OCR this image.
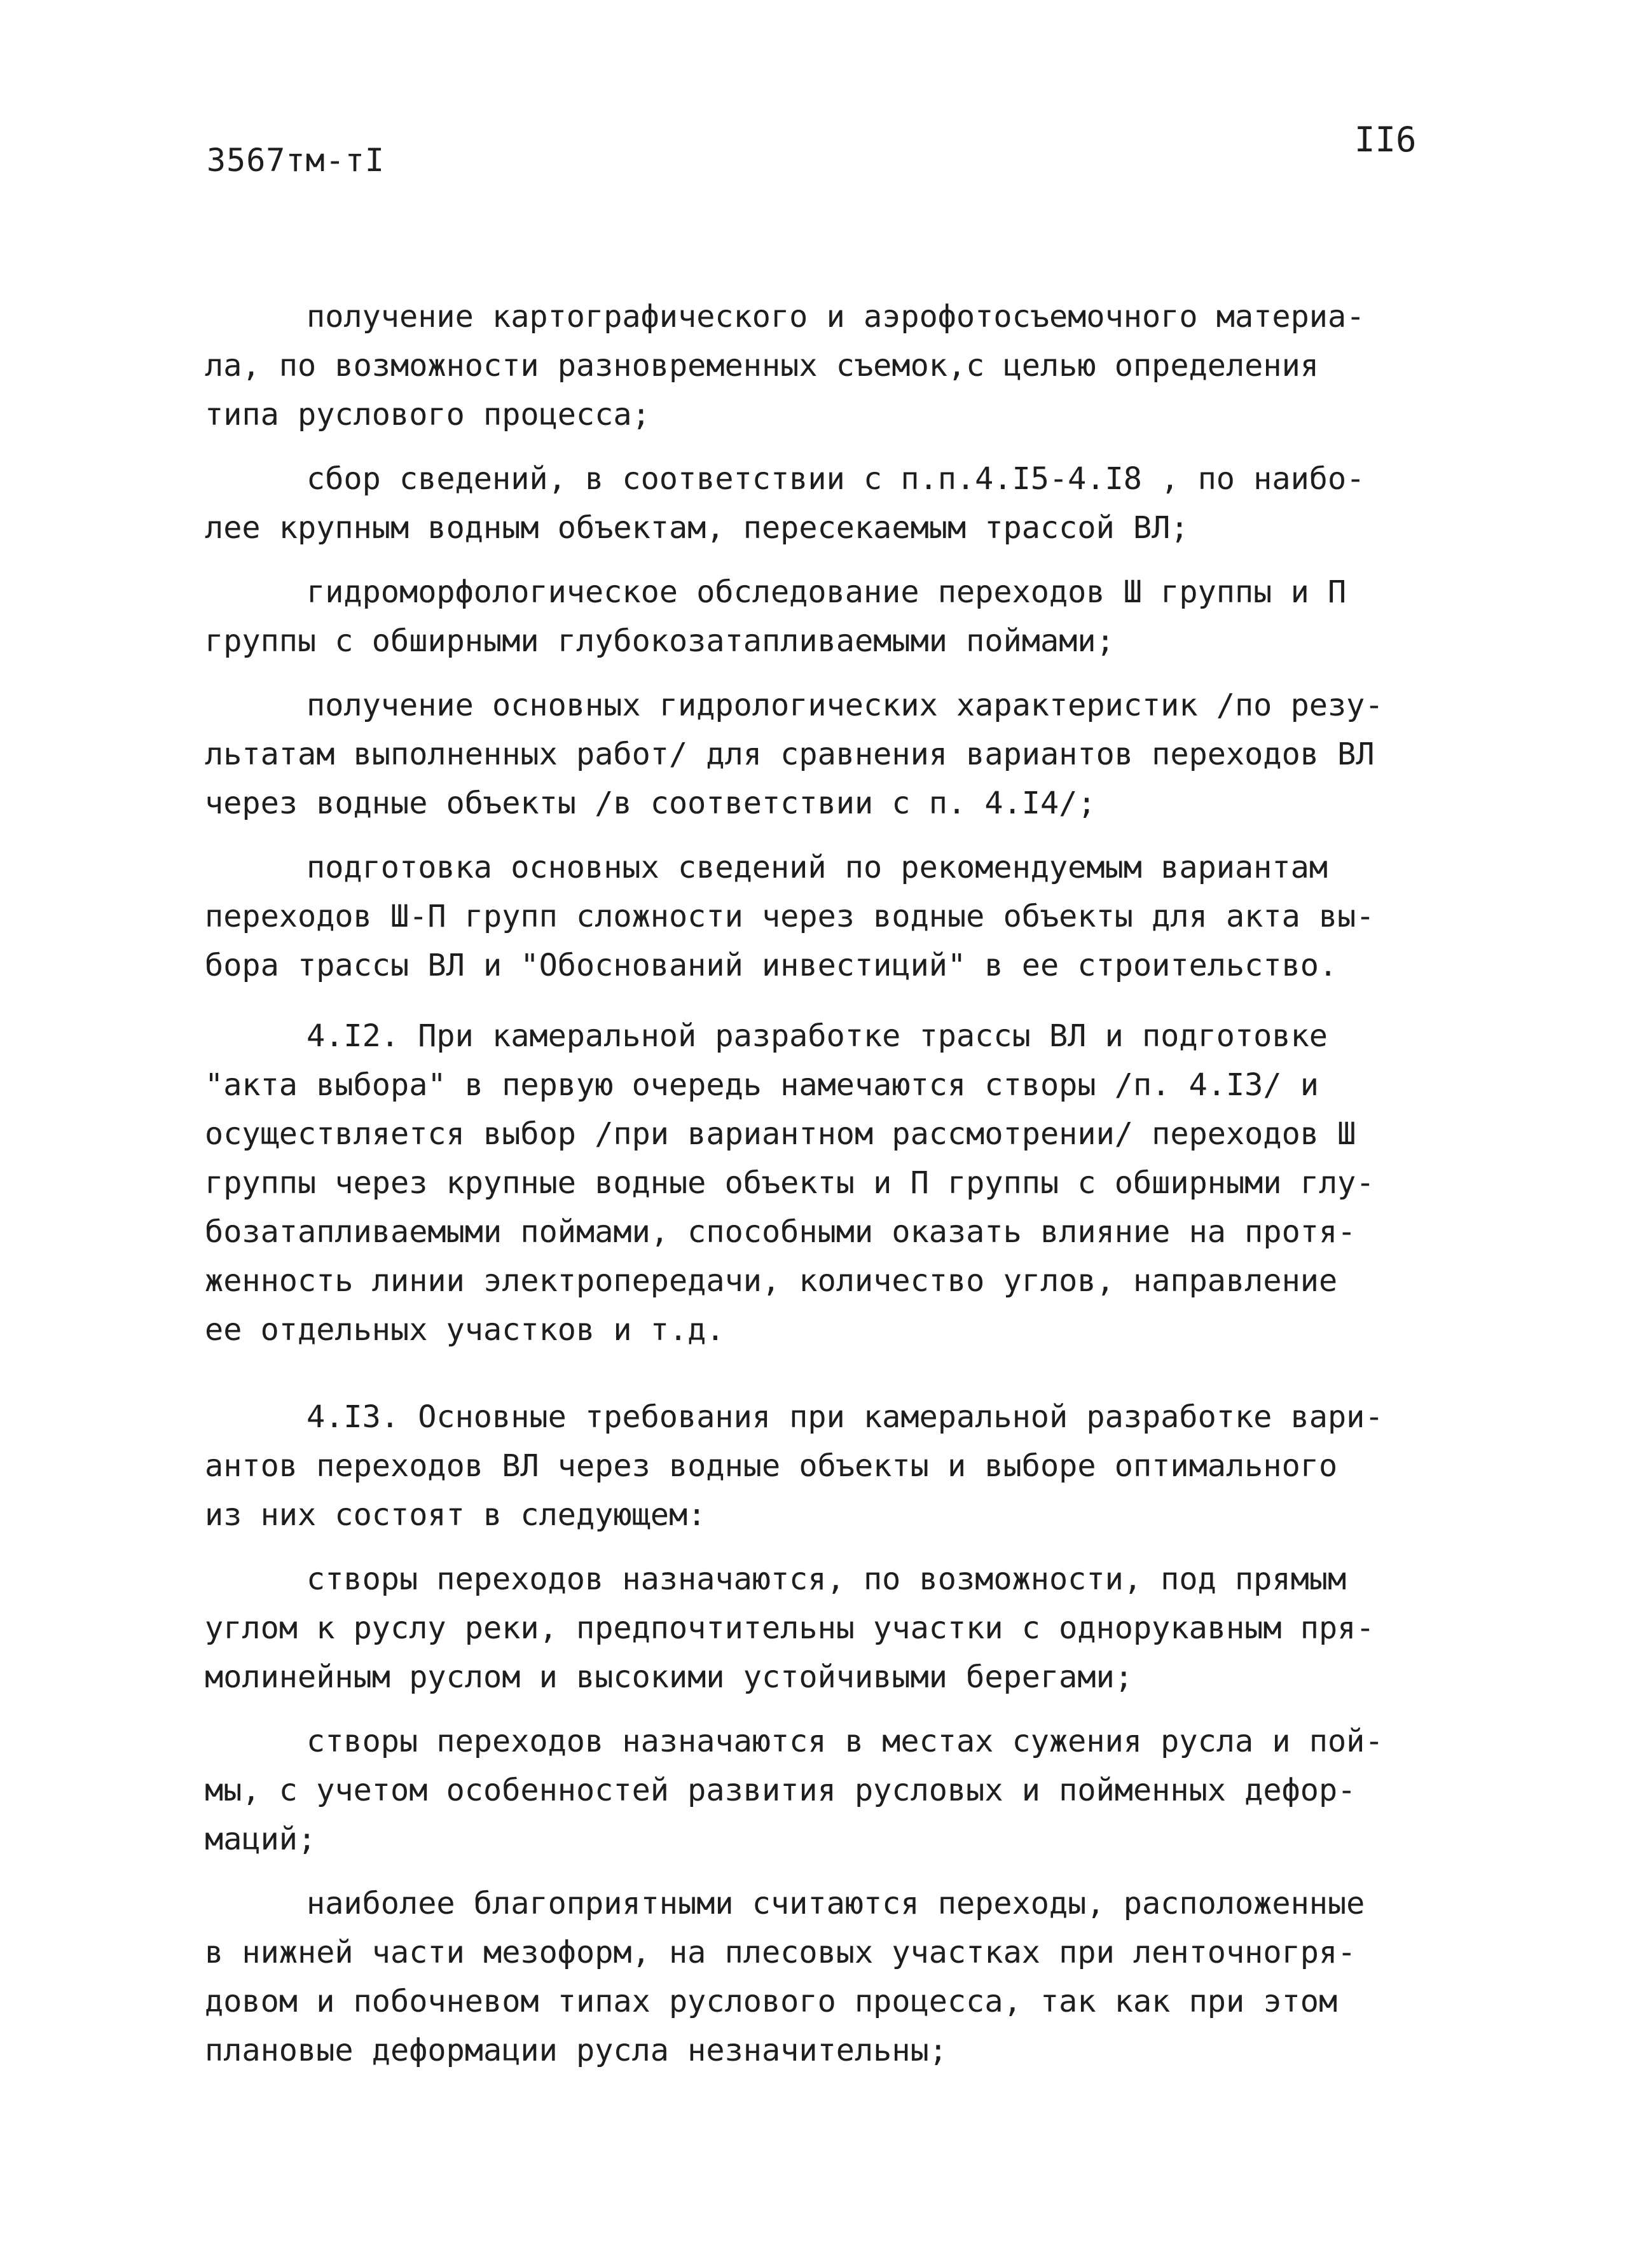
3567тм-тI
II6
получение картографического и аэрофотосъемочного материа-
ла, по возможности разновременных съемок,с целью определения
типа руслового процесса;
сбор сведений, в соответствии с п.п.4.I5-4.I8 , по наибо-
лее крупным водным объектам, пересекаемым трассой ВЛ;
гидроморфологическое обследование переходов Ш группы и П
группы с обширными глубокозатапливаемыми поймами;
получение основных гидрологических характеристик /по резу-
льтатам выполненных работ/ для сравнения вариантов переходов ВЛ
через водные объекты /в соответствии с п. 4.I4/;
подготовка основных сведений по рекомендуемым вариантам
переходов Ш-П групп сложности через водные объекты для акта вы-
бора трассы ВЛ и "Обоснований инвестиций" в ее строительство.
4.I2. При камеральной разработке трассы ВЛ и подготовке
"акта выбора" в первую очередь намечаются створы /п. 4.I3/ и
осуществляется выбор /при вариантном рассмотрении/ переходов Ш
группы через крупные водные объекты и П группы с обширными глу-
бозатапливаемыми поймами, способными оказать влияние на протя-
женность линии электропередачи, количество углов, направление
ее отдельных участков и т.д.
4.I3. Основные требования при камеральной разработке вари-
антов переходов ВЛ через водные объекты и выборе оптимального
из них состоят в следующем:
створы переходов назначаются, по возможности, под прямым
углом к руслу реки, предпочтительны участки с однорукавным пря-
молинейным руслом и высокими устойчивыми берегами;
створы переходов назначаются в местах сужения русла и пой-
мы, с учетом особенностей развития русловых и пойменных дефор-
маций;
наиболее благоприятными считаются переходы, расположенные
в нижней части мезоформ, на плесовых участках при ленточногря-
довом и побочневом типах руслового процесса, так как при этом
плановые деформации русла незначительны;
